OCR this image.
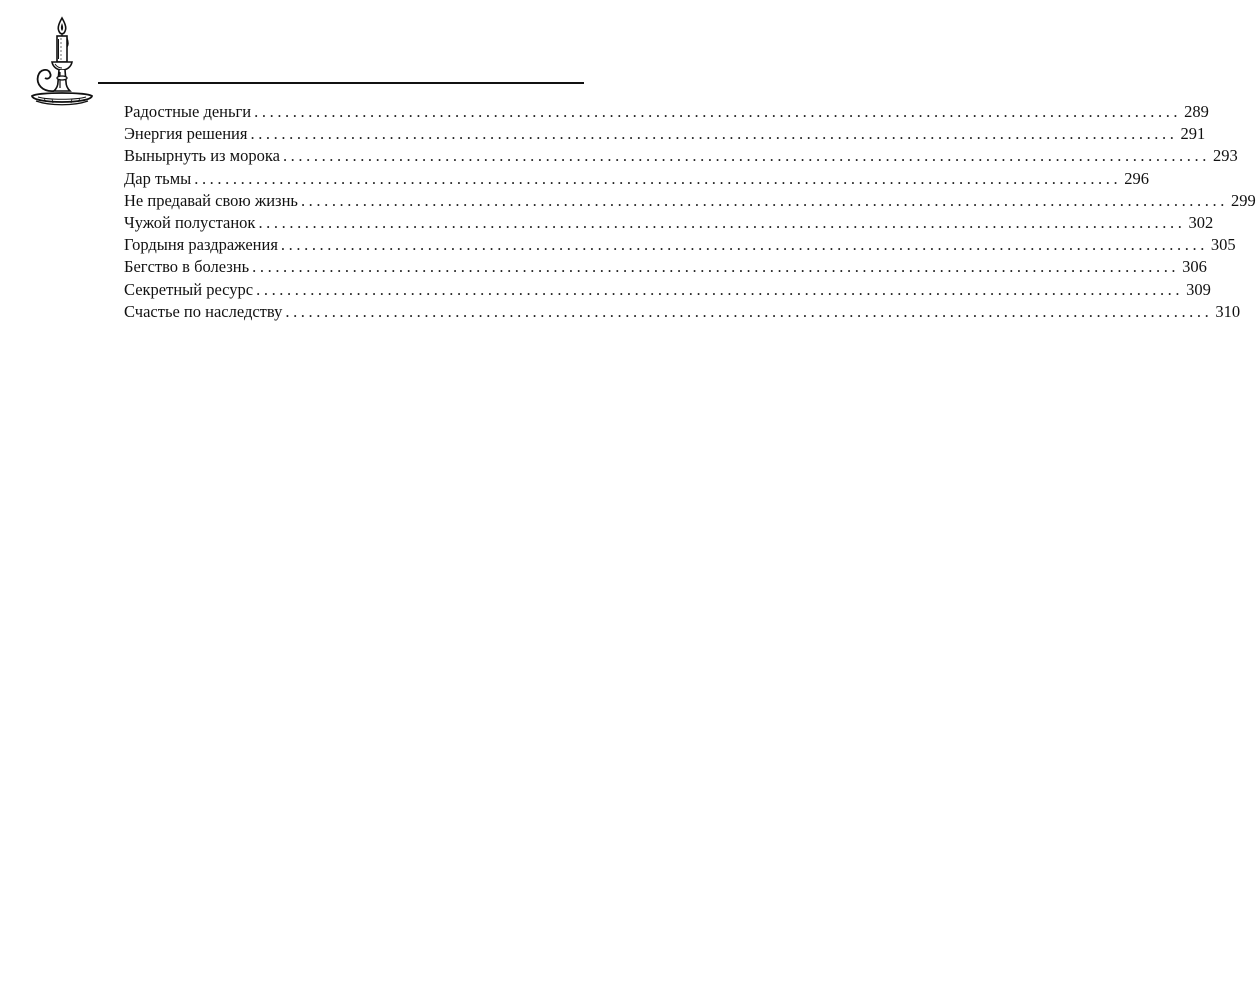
Радостные деньги ........................................................................................................................ 289
Энергия решения ........................................................................................................................ 291
Вынырнуть из морока ........................................................................................................................ 293
Дар тьмы ........................................................................................................................ 296
Не предавай свою жизнь ........................................................................................................................ 299
Чужой полустанок ........................................................................................................................ 302
Гордыня раздражения ........................................................................................................................ 305
Бегство в болезнь ........................................................................................................................ 306
Секретный ресурс ........................................................................................................................ 309
Счастье по наследству ........................................................................................................................ 310
